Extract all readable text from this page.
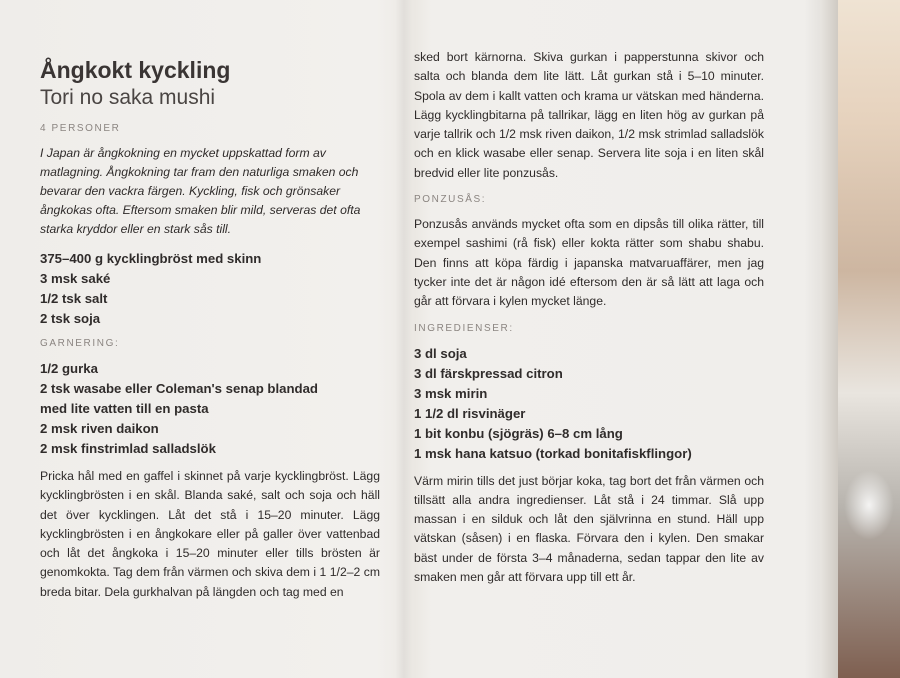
Ångkokt kyckling
Tori no saka mushi
4 PERSONER
I Japan är ångkokning en mycket uppskattad form av matlagning. Ångkokning tar fram den naturliga smaken och bevarar den vackra färgen. Kyckling, fisk och grönsaker ångkokas ofta. Eftersom smaken blir mild, serveras det ofta starka kryddor eller en stark sås till.
375–400 g kycklingbröst med skinn
3 msk saké
1/2 tsk salt
2 tsk soja
GARNERING:
1/2 gurka
2 tsk wasabe eller Coleman's senap blandad
med lite vatten till en pasta
2 msk riven daikon
2 msk finstrimlad salladslök

Pricka hål med en gaffel i skinnet på varje kycklingbröst. Lägg kycklingbrösten i en skål. Blanda saké, salt och soja och häll det över kycklingen. Låt det stå i 15–20 minuter. Lägg kycklingbrösten i en ångkokare eller på galler över vattenbad och låt det ångkoka i 15–20 minuter eller tills brösten är genomkokta. Tag dem från värmen och skiva dem i 1 1/2–2 cm breda bitar. Dela gurkhalvan på längden och tag med en

sked bort kärnorna. Skiva gurkan i papperstunna skivor och salta och blanda dem lite lätt. Låt gurkan stå i 5–10 minuter. Spola av dem i kallt vatten och krama ur vätskan med händerna. Lägg kycklingbitarna på tallrikar, lägg en liten hög av gurkan på varje tallrik och 1/2 msk riven daikon, 1/2 msk strimlad salladslök och en klick wasabe eller senap. Servera lite soja i en liten skål bredvid eller lite ponzusås.

PONZUSÅS:

Ponzusås används mycket ofta som en dipsås till olika rätter, till exempel sashimi (rå fisk) eller kokta rätter som shabu shabu. Den finns att köpa färdig i japanska matvaruaffärer, men jag tycker inte det är någon idé eftersom den är så lätt att laga och går att förvara i kylen mycket länge.

INGREDIENSER:
3 dl soja
3 dl färskpressad citron
3 msk mirin
1 1/2 dl risvinäger
1 bit konbu (sjögräs) 6–8 cm lång
1 msk hana katsuo (torkad bonitafiskflingor)

Värm mirin tills det just börjar koka, tag bort det från värmen och tillsätt alla andra ingredienser. Låt stå i 24 timmar. Slå upp massan i en silduk och låt den självrinna en stund. Häll upp vätskan (såsen) i en flaska. Förvara den i kylen. Den smakar bäst under de första 3–4 månaderna, sedan tappar den lite av smaken men går att förvara upp till ett år.
